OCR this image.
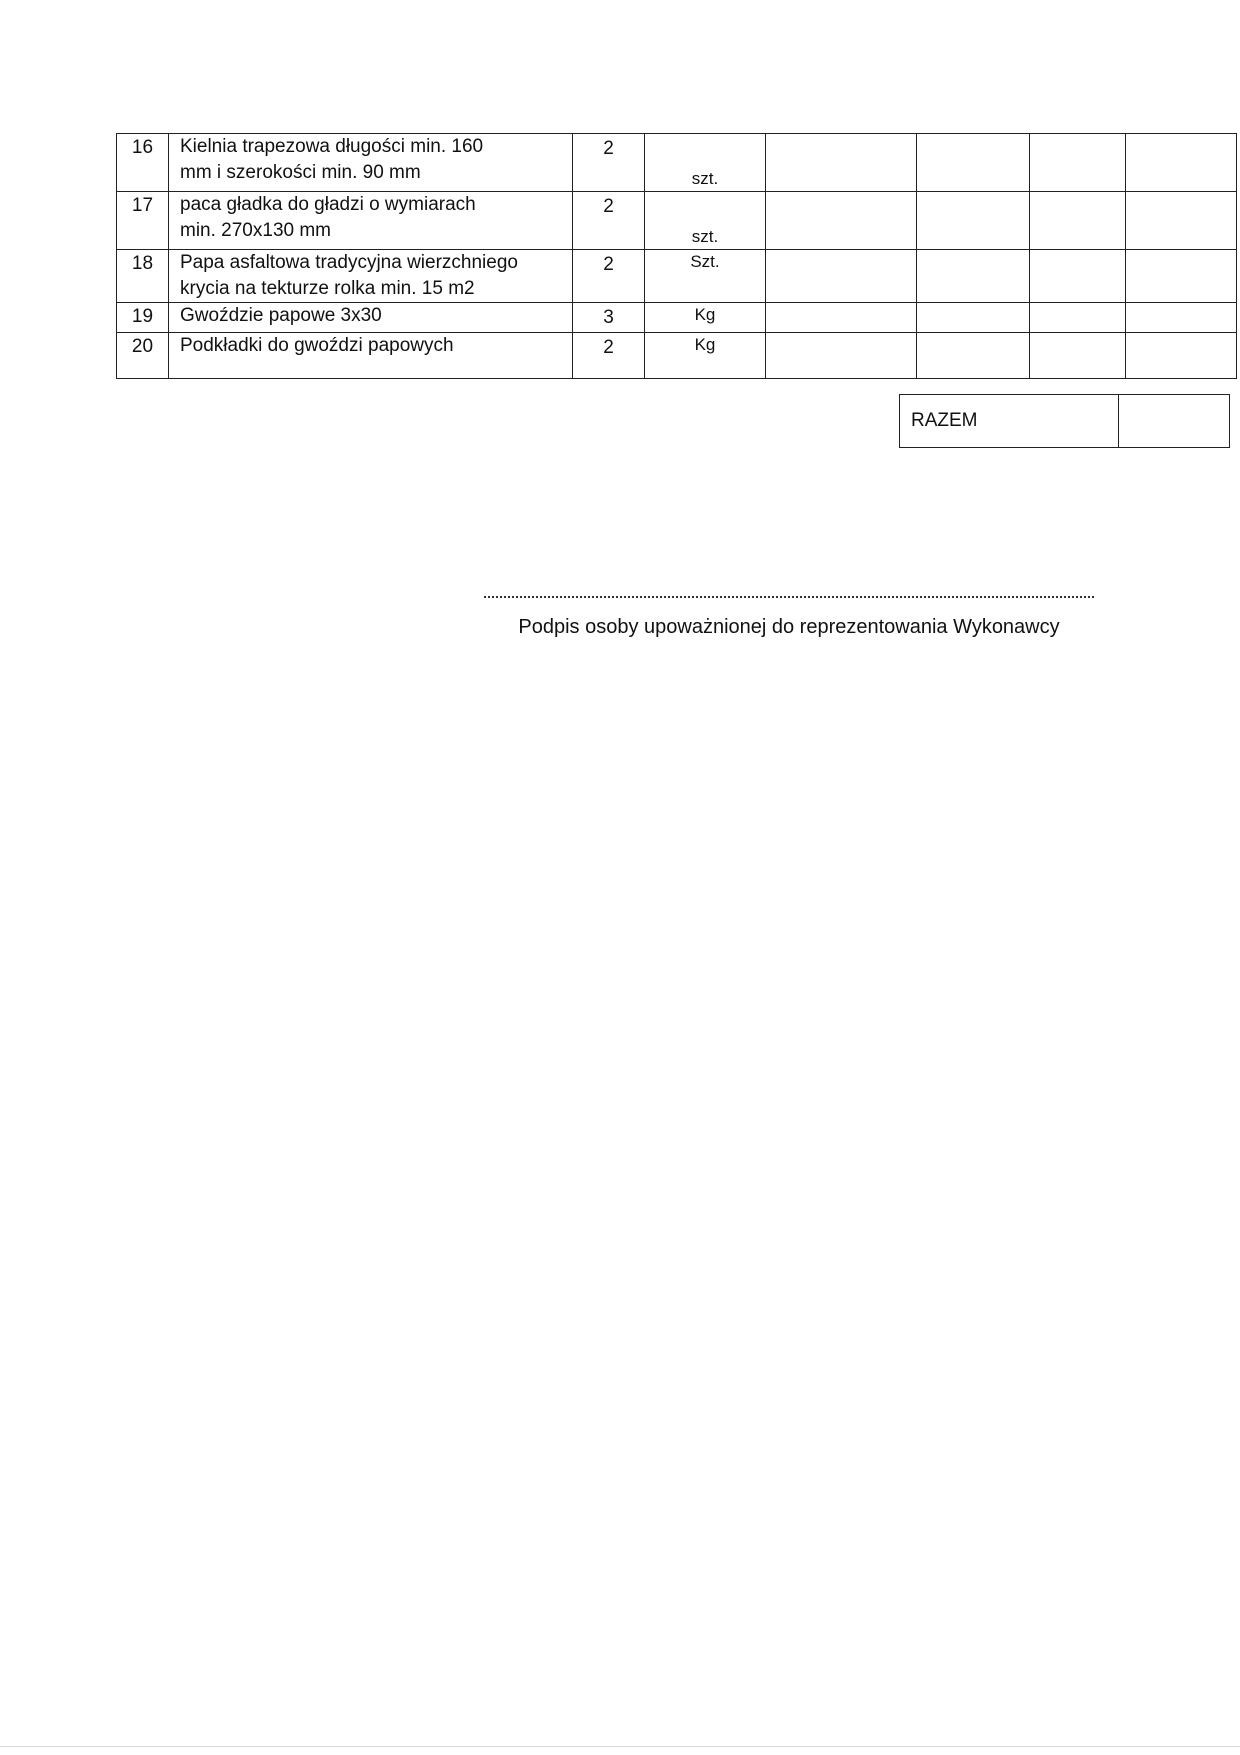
16	Kielnia trapezowa długości min. 160
mm i szerokości min. 90 mm	2	szt.				

17	paca gładka do gładzi o wymiarach
min. 270x130 mm	2	szt.				

18	Papa asfaltowa tradycyjna wierzchniego
krycia na tekturze rolka min. 15 m2	2	Szt.				

19	Gwoździe papowe 3x30	3	Kg				

20	Podkładki do gwoździ papowych	2	Kg				

RAZEM	
Podpis osoby upoważnionej do reprezentowania Wykonawcy
